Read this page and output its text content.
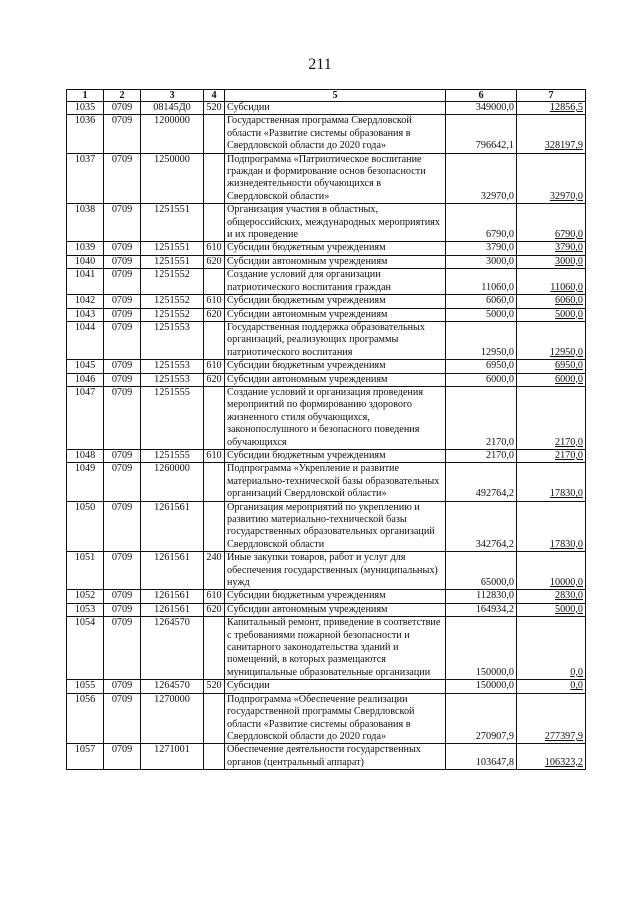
211
1	2	3	4	5	6	7
1035	0709	08145Д0	520	Субсидии	349000,0	12856,5
1036	0709	1200000		Государственная программа Свердловской области «Развитие системы образования в Свердловской области до 2020 года»	796642,1	328197,9
1037	0709	1250000		Подпрограмма «Патриотическое воспитание граждан и формирование основ безопасности жизнедеятельности обучающихся в Свердловской области»	32970,0	32970,0
1038	0709	1251551		Организация участия в областных, общероссийских, международных мероприятиях и их проведение	6790,0	6790,0
1039	0709	1251551	610	Субсидии бюджетным учреждениям	3790,0	3790,0
1040	0709	1251551	620	Субсидии автономным учреждениям	3000,0	3000,0
1041	0709	1251552		Создание условий для организации патриотического воспитания граждан	11060,0	11060,0
1042	0709	1251552	610	Субсидии бюджетным учреждениям	6060,0	6060,0
1043	0709	1251552	620	Субсидии автономным учреждениям	5000,0	5000,0
1044	0709	1251553		Государственная поддержка образовательных организаций, реализующих программы патриотического воспитания	12950,0	12950,0
1045	0709	1251553	610	Субсидии бюджетным учреждениям	6950,0	6950,0
1046	0709	1251553	620	Субсидии автономным учреждениям	6000,0	6000,0
1047	0709	1251555		Создание условий и организация проведения мероприятий по формированию здорового жизненного стиля обучающихся, законопослушного и безопасного поведения обучающихся	2170,0	2170,0
1048	0709	1251555	610	Субсидии бюджетным учреждениям	2170,0	2170,0
1049	0709	1260000		Подпрограмма «Укрепление и развитие материально-технической базы образовательных организаций Свердловской области»	492764,2	17830,0
1050	0709	1261561		Организация мероприятий по укреплению и развитию материально-технической базы государственных образовательных организаций Свердловской области	342764,2	17830,0
1051	0709	1261561	240	Иные закупки товаров, работ и услуг для обеспечения государственных (муниципальных) нужд	65000,0	10000,0
1052	0709	1261561	610	Субсидии бюджетным учреждениям	112830,0	2830,0
1053	0709	1261561	620	Субсидии автономным учреждениям	164934,2	5000,0
1054	0709	1264570		Капитальный ремонт, приведение в соответствие с требованиями пожарной безопасности и санитарного законодательства зданий и помещений, в которых размещаются муниципальные образовательные организации	150000,0	0,0
1055	0709	1264570	520	Субсидии	150000,0	0,0
1056	0709	1270000		Подпрограмма «Обеспечение реализации государственной программы Свердловской области «Развитие системы образования в Свердловской области до 2020 года»	270907,9	277397,9
1057	0709	1271001		Обеспечение деятельности государственных органов (центральный аппарат)	103647,8	106323,2
